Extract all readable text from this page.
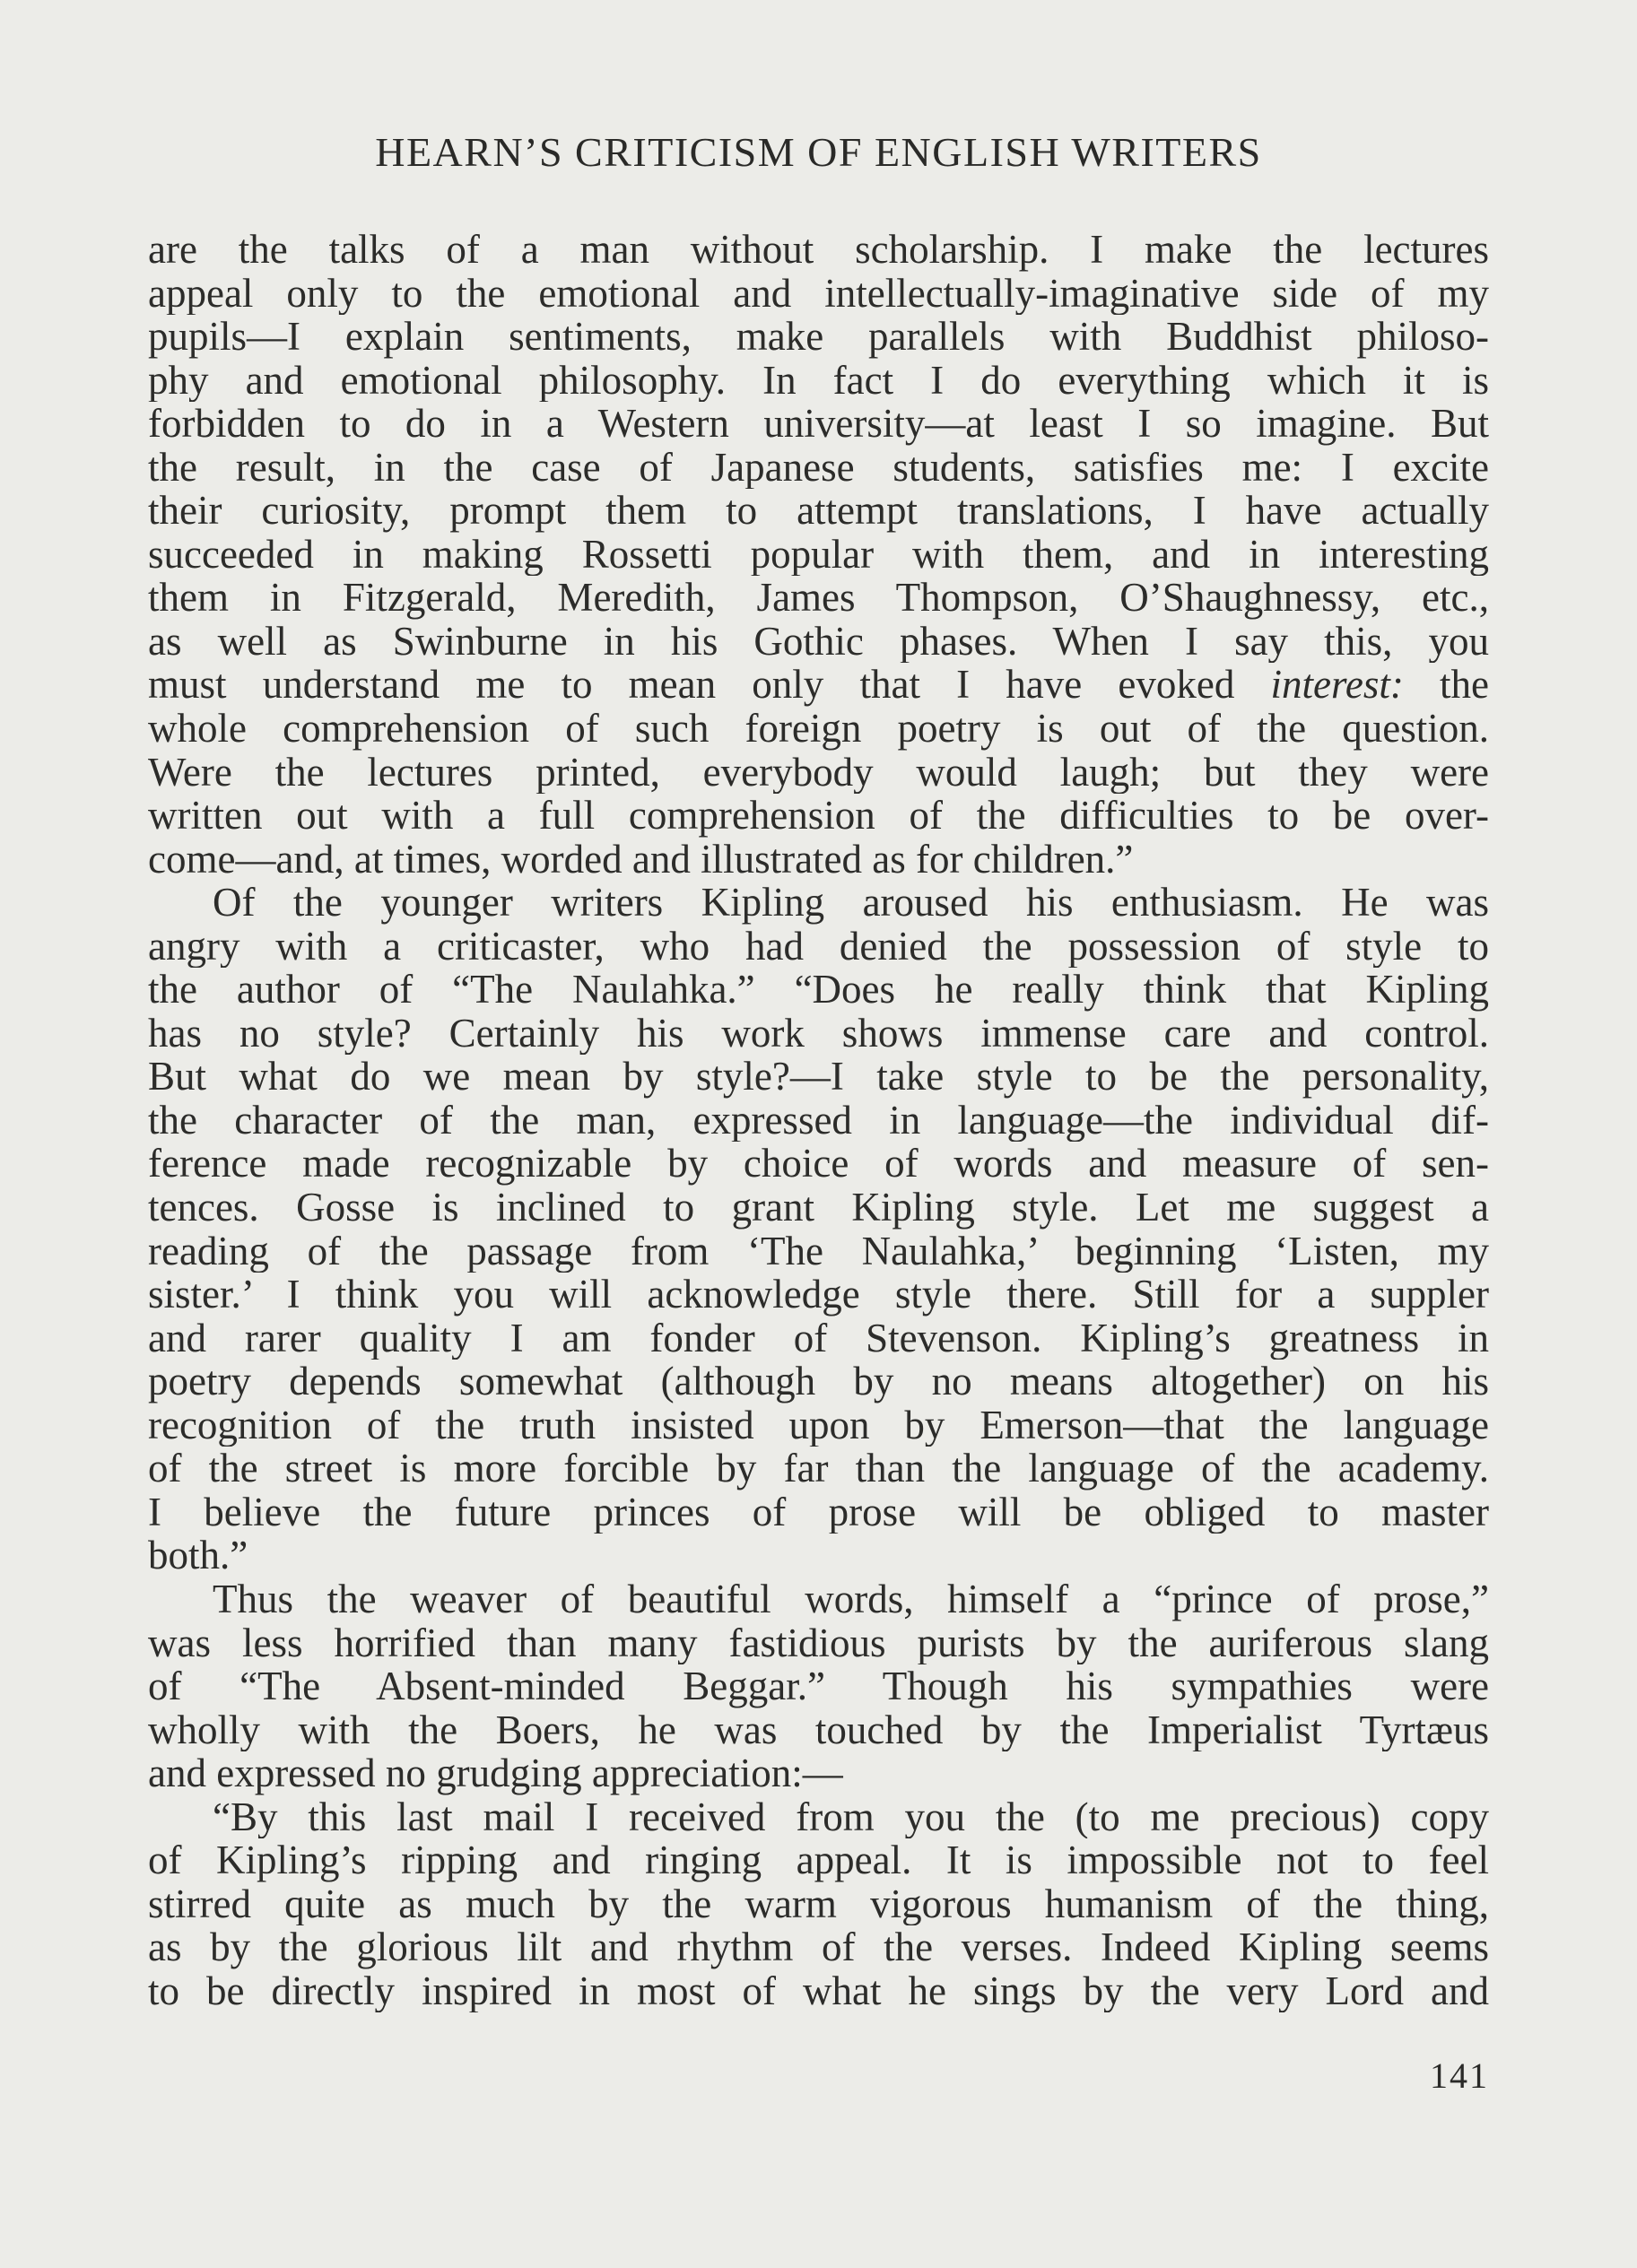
HEARN’S CRITICISM OF ENGLISH WRITERS
are the talks of a man without scholarship. I make the lectures
appeal only to the emotional and intellectually-imaginative side of my
pupils—I explain sentiments, make parallels with Buddhist philoso-
phy and emotional philosophy. In fact I do everything which it is
forbidden to do in a Western university—at least I so imagine. But
the result, in the case of Japanese students, satisfies me: I excite
their curiosity, prompt them to attempt translations, I have actually
succeeded in making Rossetti popular with them, and in interesting
them in Fitzgerald, Meredith, James Thompson, O’Shaughnessy, etc.,
as well as Swinburne in his Gothic phases. When I say this, you
must understand me to mean only that I have evoked interest: the
whole comprehension of such foreign poetry is out of the question.
Were the lectures printed, everybody would laugh; but they were
written out with a full comprehension of the difficulties to be over-
come—and, at times, worded and illustrated as for children.”
Of the younger writers Kipling aroused his enthusiasm. He was
angry with a criticaster, who had denied the possession of style to
the author of “The Naulahka.” “Does he really think that Kipling
has no style? Certainly his work shows immense care and control.
But what do we mean by style?—I take style to be the personality,
the character of the man, expressed in language—the individual dif-
ference made recognizable by choice of words and measure of sen-
tences. Gosse is inclined to grant Kipling style. Let me suggest a
reading of the passage from ‘The Naulahka,’ beginning ‘Listen, my
sister.’ I think you will acknowledge style there. Still for a suppler
and rarer quality I am fonder of Stevenson. Kipling’s greatness in
poetry depends somewhat (although by no means altogether) on his
recognition of the truth insisted upon by Emerson—that the language
of the street is more forcible by far than the language of the academy.
I believe the future princes of prose will be obliged to master
both.”
Thus the weaver of beautiful words, himself a “prince of prose,”
was less horrified than many fastidious purists by the auriferous slang
of “The Absent-minded Beggar.” Though his sympathies were
wholly with the Boers, he was touched by the Imperialist Tyrtæus
and expressed no grudging appreciation:—
“By this last mail I received from you the (to me precious) copy
of Kipling’s ripping and ringing appeal. It is impossible not to feel
stirred quite as much by the warm vigorous humanism of the thing,
as by the glorious lilt and rhythm of the verses. Indeed Kipling seems
to be directly inspired in most of what he sings by the very Lord and
141
